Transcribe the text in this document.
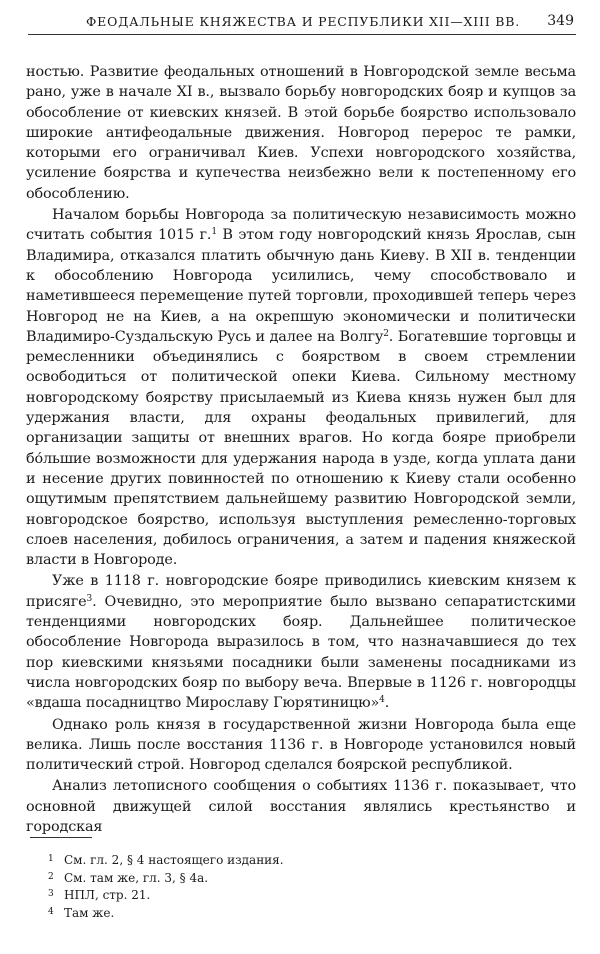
ФЕОДАЛЬНЫЕ КНЯЖЕСТВА И РЕСПУБЛИКИ XII—XIII ВВ. 349

ностью. Развитие феодальных отношений в Новгородской земле весьма рано, уже в начале XI в., вызвало борьбу новгородских бояр и купцов за обособление от киевских князей. В этой борьбе боярство использовало широкие антифеодальные движения. Новгород перерос те рамки, которыми его ограничивал Киев. Успехи новгородского хозяйства, усиление боярства и купечества неизбежно вели к постепенному его обособлению.

Началом борьбы Новгорода за политическую независимость можно считать события 1015 г.$^1$ В этом году новгородский князь Ярослав, сын Владимира, отказался платить обычную дань Киеву. В XII в. тенденции к обособлению Новгорода усилились, чему способствовало и наметившееся перемещение путей торговли, проходившей теперь через Новгород не на Киев, а на окрепшую экономически и политически Владимиро-Суздальскую Русь и далее на Волгу$^2$. Богатевшие торговцы и ремесленники объединялись с боярством в своем стремлении освободиться от политической опеки Киева. Сильному местному новгородскому боярству присылаемый из Киева князь нужен был для удержания власти, для охраны феодальных привилегий, для организации защиты от внешних врагов. Но когда бояре приобрели бо́льшие возможности для удержания народа в узде, когда уплата дани и несение других повинностей по отношению к Киеву стали особенно ощутимым препятствием дальнейшему развитию Новгородской земли, новгородское боярство, используя выступления ремесленно-торговых слоев населения, добилось ограничения, а затем и падения княжеской власти в Новгороде.

Уже в 1118 г. новгородские бояре приводились киевским князем к присяге$^3$. Очевидно, это мероприятие было вызвано сепаратистскими тенденциями новгородских бояр. Дальнейшее политическое обособление Новгорода выразилось в том, что назначавшиеся до тех пор киевскими князьями посадники были заменены посадниками из числа новгородских бояр по выбору веча. Впервые в 1126 г. новгородцы «вдаша посадництво Мирославу Гюрятиницю»$^4$.

Однако роль князя в государственной жизни Новгорода была еще велика. Лишь после восстания 1136 г. в Новгороде установился новый политический строй. Новгород сделался боярской республикой.

Анализ летописного сообщения о событиях 1136 г. показывает, что основной движущей силой восстания являлись крестьянство и городская

1 См. гл. 2, § 4 настоящего издания.
2 См. там же, гл. 3, § 4а.
3 НПЛ, стр. 21.
4 Там же.
